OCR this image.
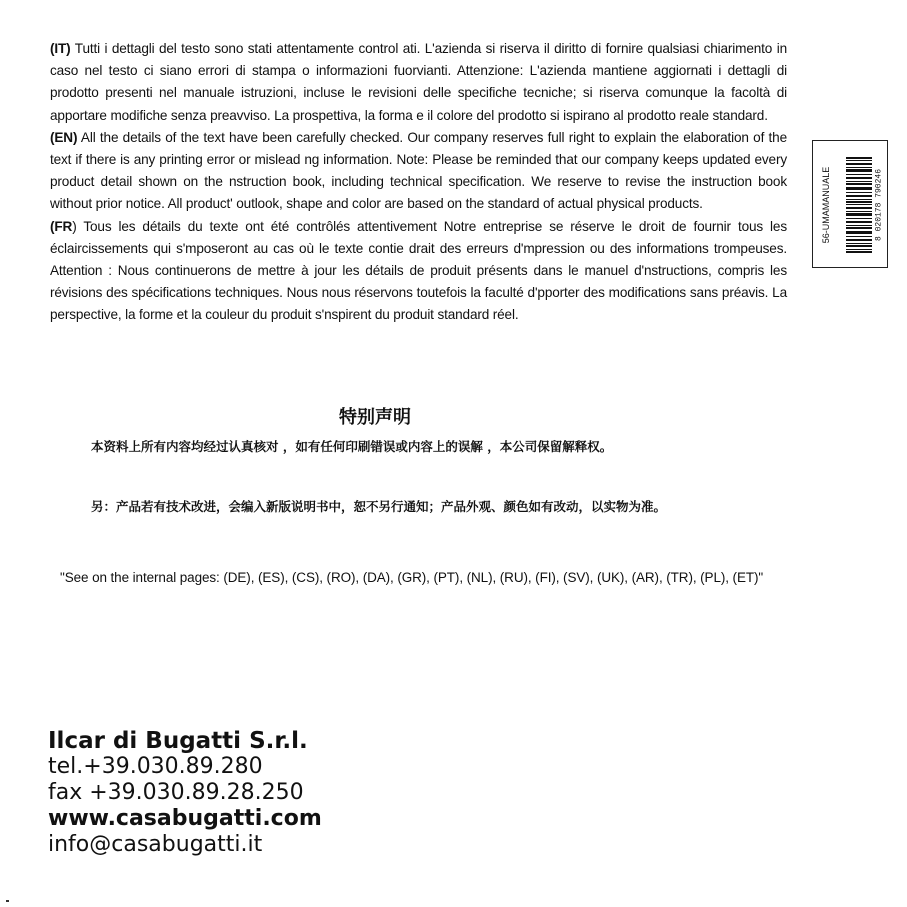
(IT) Tutti i dettagli del testo sono stati attentamente control ati. L'azienda si riserva il diritto di fornire qualsiasi chiarimento in caso nel testo ci siano errori di stampa o informazioni fuorvianti. Attenzione: L'azienda mantiene aggiornati i dettagli di prodotto presenti nel manuale istruzioni, incluse le revisioni delle specifiche tecniche; si riserva comunque la facoltà di apportare modifiche senza preavviso. La prospettiva, la forma e il colore del prodotto si ispirano al prodotto reale standard.

(EN) All the details of the text have been carefully checked. Our company reserves full right to explain the elaboration of the text if there is any printing error or mislead ng information. Note: Please be reminded that our company keeps updated every product detail shown on the nstruction book, including technical specification. We reserve to revise the instruction book without prior notice. All product' outlook, shape and color are based on the standard of actual physical products.

(FR) Tous les détails du texte ont été contrôlés attentivement Notre entreprise se réserve le droit de fournir tous les éclaircissements qui s'mposeront au cas où le texte contie drait des erreurs d'mpression ou des informations trompeuses. Attention : Nous continuerons de mettre à jour les détails de produit présents dans le manuel d'nstructions, compris les révisions des spécifications techniques. Nous nous réservons toutefois la faculté d'pporter des modifications sans préavis. La perspective, la forme et la couleur du produit s'nspirent du produit standard réel.

特别声明
本资料上所有内容均经过认真核对 ，如有任何印刷错误或内容上的误解 ，本公司保留解释权。
另：产品若有技术改进，会编入新版说明书中，恕不另行通知；产品外观、颜色如有改动，以实物为准。
"See on the internal pages: (DE), (ES), (CS), (RO), (DA), (GR), (PT), (NL), (RU), (FI), (SV), (UK), (AR), (TR), (PL), (ET)"
Ilcar di Bugatti S.r.l.
tel.+39.030.89.280
fax +39.030.89.28.250
www.casabugatti.com
info@casabugatti.it
56-UMAMANUALE	8 020178 790246
